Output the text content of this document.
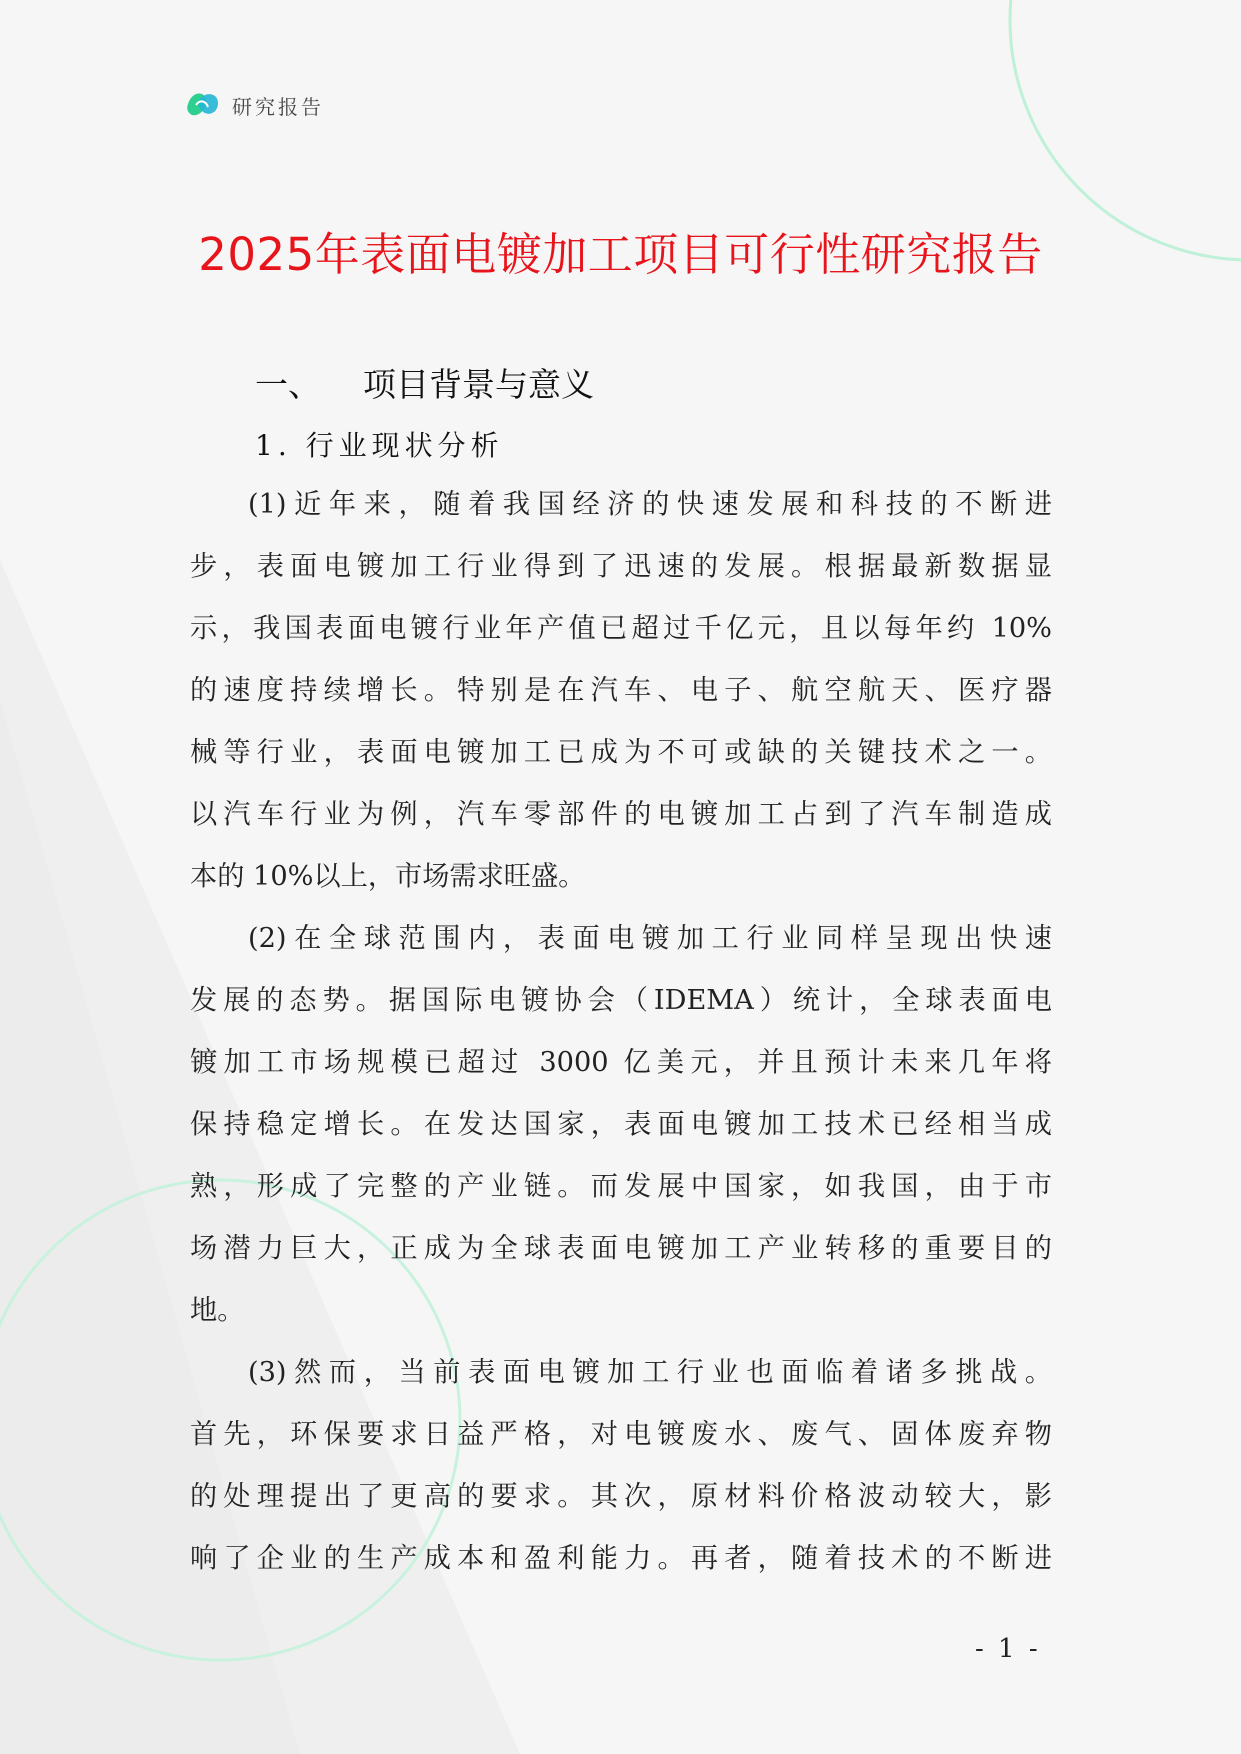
研究报告
2025年表面电镀加工项目可行性研究报告
一、 项目背景与意义
1. 行业现状分析
(1)近年来，随着我国经济的快速发展和科技的不断进
步，表面电镀加工行业得到了迅速的发展。根据最新数据显
示，我国表面电镀行业年产值已超过千亿元，且以每年约 10%
的速度持续增长。特别是在汽车、电子、航空航天、医疗器
械等行业，表面电镀加工已成为不可或缺的关键技术之一。
以汽车行业为例，汽车零部件的电镀加工占到了汽车制造成
本的 10%以上，市场需求旺盛。
(2)在全球范围内，表面电镀加工行业同样呈现出快速
发展的态势。据国际电镀协会（IDEMA）统计，全球表面电
镀加工市场规模已超过 3000 亿美元，并且预计未来几年将
保持稳定增长。在发达国家，表面电镀加工技术已经相当成
熟，形成了完整的产业链。而发展中国家，如我国，由于市
场潜力巨大，正成为全球表面电镀加工产业转移的重要目的
地。
(3)然而，当前表面电镀加工行业也面临着诸多挑战。
首先，环保要求日益严格，对电镀废水、废气、固体废弃物
的处理提出了更高的要求。其次，原材料价格波动较大，影
响了企业的生产成本和盈利能力。再者，随着技术的不断进
- 1 -
